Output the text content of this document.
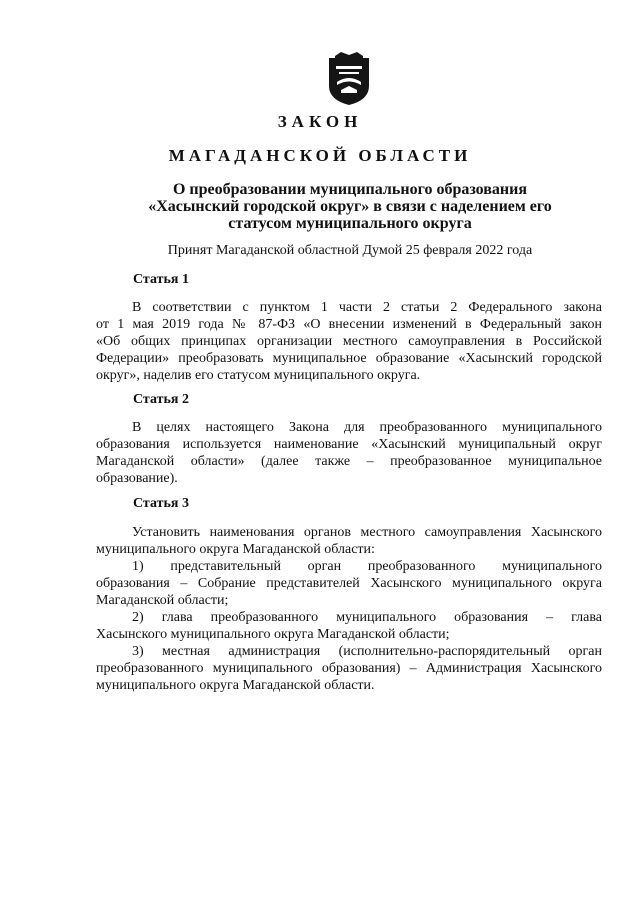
ЗАКОН
МАГАДАНСКОЙ ОБЛАСТИ
О преобразовании муниципального образования
«Хасынский городской округ» в связи с наделением его
статусом муниципального округа
Принят Магаданской областной Думой 25 февраля 2022 года
Статья 1
В соответствии с пунктом 1 части 2 статьи 2 Федерального закона
от 1 мая 2019 года № 87-ФЗ «О внесении изменений в Федеральный закон
«Об общих принципах организации местного самоуправления в Российской
Федерации» преобразовать муниципальное образование «Хасынский городской
округ», наделив его статусом муниципального округа.
Статья 2
В целях настоящего Закона для преобразованного муниципального
образования используется наименование «Хасынский муниципальный округ
Магаданской области» (далее также – преобразованное муниципальное
образование).
Статья 3
Установить наименования органов местного самоуправления Хасынского
муниципального округа Магаданской области:
1) представительный орган преобразованного муниципального
образования – Собрание представителей Хасынского муниципального округа
Магаданской области;
2) глава преобразованного муниципального образования – глава
Хасынского муниципального округа Магаданской области;
3) местная администрация (исполнительно-распорядительный орган
преобразованного муниципального образования) – Администрация Хасынского
муниципального округа Магаданской области.
